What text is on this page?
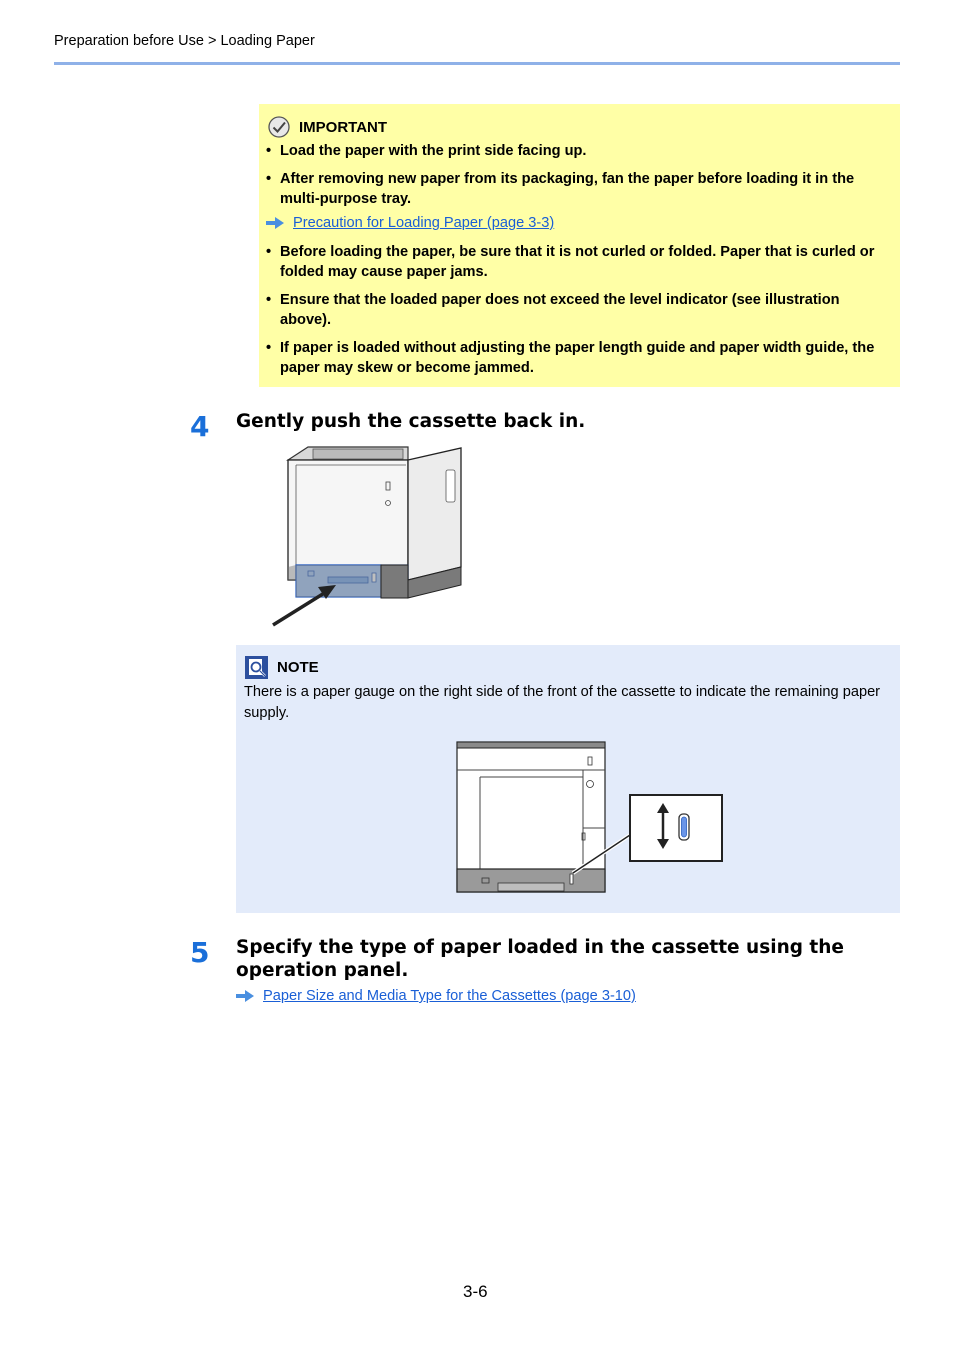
Preparation before Use > Loading Paper
IMPORTANT
• Load the paper with the print side facing up.
• After removing new paper from its packaging, fan the paper before loading it in the multi-purpose tray.
Precaution for Loading Paper (page 3-3)
• Before loading the paper, be sure that it is not curled or folded. Paper that is curled or folded may cause paper jams.
• Ensure that the loaded paper does not exceed the level indicator (see illustration above).
• If paper is loaded without adjusting the paper length guide and paper width guide, the paper may skew or become jammed.
4 Gently push the cassette back in.
NOTE
There is a paper gauge on the right side of the front of the cassette to indicate the remaining paper supply.
5 Specify the type of paper loaded in the cassette using the operation panel.
Paper Size and Media Type for the Cassettes (page 3-10)
3-6
